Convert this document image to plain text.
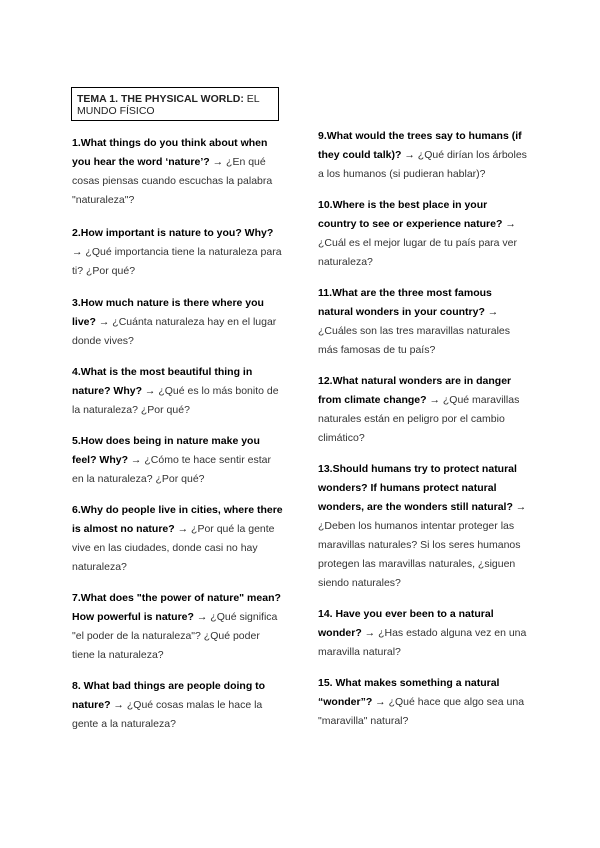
TEMA 1. THE PHYSICAL WORLD: EL MUNDO FÍSICO

1.What things do you think about when you hear the word ‘nature’? → ¿En qué cosas piensas cuando escuchas la palabra "naturaleza"?

2.How important is nature to you? Why? → ¿Qué importancia tiene la naturaleza para ti? ¿Por qué?

3.How much nature is there where you live? → ¿Cuánta naturaleza hay en el lugar donde vives?

4.What is the most beautiful thing in nature? Why? → ¿Qué es lo más bonito de la naturaleza? ¿Por qué?

5.How does being in nature make you feel? Why? → ¿Cómo te hace sentir estar en la naturaleza? ¿Por qué?

6.Why do people live in cities, where there is almost no nature? → ¿Por qué la gente vive en las ciudades, donde casi no hay naturaleza?

7.What does "the power of nature" mean? How powerful is nature? → ¿Qué significa "el poder de la naturaleza"? ¿Qué poder tiene la naturaleza?

8. What bad things are people doing to nature? → ¿Qué cosas malas le hace la gente a la naturaleza?

9.What would the trees say to humans (if they could talk)? → ¿Qué dirían los árboles a los humanos (si pudieran hablar)?

10.Where is the best place in your country to see or experience nature? → ¿Cuál es el mejor lugar de tu país para ver naturaleza?

11.What are the three most famous natural wonders in your country? → ¿Cuáles son las tres maravillas naturales más famosas de tu país?

12.What natural wonders are in danger from climate change? → ¿Qué maravillas naturales están en peligro por el cambio climático?

13.Should humans try to protect natural wonders? If humans protect natural wonders, are the wonders still natural? → ¿Deben los humanos intentar proteger las maravillas naturales? Si los seres humanos protegen las maravillas naturales, ¿siguen siendo naturales?

14. Have you ever been to a natural wonder? → ¿Has estado alguna vez en una maravilla natural?

15. What makes something a natural “wonder”? → ¿Qué hace que algo sea una "maravilla" natural?
